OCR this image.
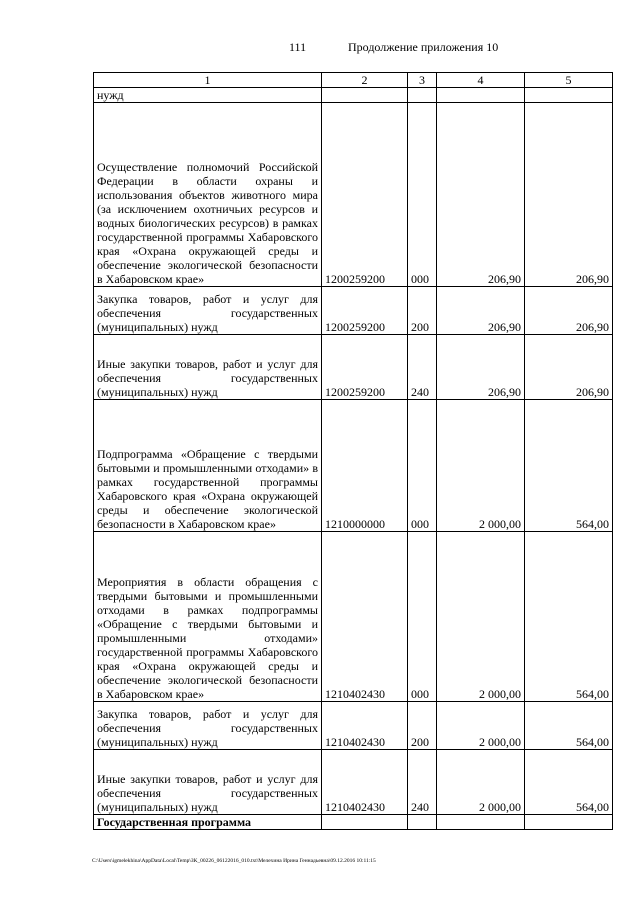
111	Продолжение приложения 10
1	2	3	4	5
нужд				
Осуществление полномочий Российской Федерации в области охраны и использования объектов животного мира (за исключением охотничьих ресурсов и водных биологических ресурсов) в рамках государственной программы Хабаровского края «Охрана окружающей среды и обеспечение экологической безопасности в Хабаровском крае»	1200259200	000	206,90	206,90
Закупка товаров, работ и услуг для обеспечения государственных (муниципальных) нужд	1200259200	200	206,90	206,90
Иные закупки товаров, работ и услуг для обеспечения государственных (муниципальных) нужд	1200259200	240	206,90	206,90
Подпрограмма «Обращение с твердыми бытовыми и промышленными отходами» в рамках государственной программы Хабаровского края «Охрана окружающей среды и обеспечение экологической безопасности в Хабаровском крае»	1210000000	000	2 000,00	564,00
Мероприятия в области обращения с твердыми бытовыми и промышленными отходами в рамках подпрограммы «Обращение с твердыми бытовыми и промышленными отходами» государственной программы Хабаровского края «Охрана окружающей среды и обеспечение экологической безопасности в Хабаровском крае»	1210402430	000	2 000,00	564,00
Закупка товаров, работ и услуг для обеспечения государственных (муниципальных) нужд	1210402430	200	2 000,00	564,00
Иные закупки товаров, работ и услуг для обеспечения государственных (муниципальных) нужд	1210402430	240	2 000,00	564,00
Государственная программа				
C:\Users\igmelekhina\AppData\Local\Temp\ЗК_00226_06122016_010.txt\Мелехина Ирина Геннадьевна\09.12.2016 10:11:15
